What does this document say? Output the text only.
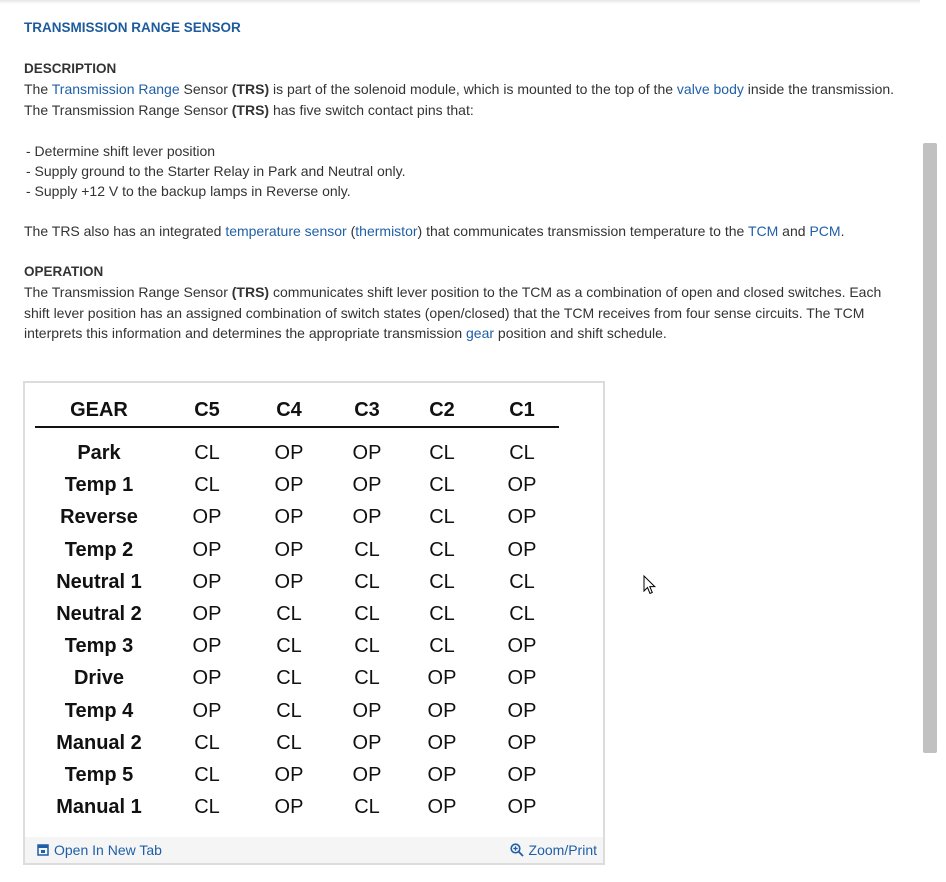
TRANSMISSION RANGE SENSOR
DESCRIPTION
The Transmission Range Sensor (TRS) is part of the solenoid module, which is mounted to the top of the valve body inside the transmission. The Transmission Range Sensor (TRS) has five switch contact pins that:
- Determine shift lever position
- Supply ground to the Starter Relay in Park and Neutral only.
- Supply +12 V to the backup lamps in Reverse only.
The TRS also has an integrated temperature sensor (thermistor) that communicates transmission temperature to the TCM and PCM.
OPERATION
The Transmission Range Sensor (TRS) communicates shift lever position to the TCM as a combination of open and closed switches. Each shift lever position has an assigned combination of switch states (open/closed) that the TCM receives from four sense circuits. The TCM interprets this information and determines the appropriate transmission gear position and shift schedule.
GEAR	C5	C4	C3	C2	C1
Park	CL	OP	OP	CL	CL
Temp 1	CL	OP	OP	CL	OP
Reverse	OP	OP	OP	CL	OP
Temp 2	OP	OP	CL	CL	OP
Neutral 1	OP	OP	CL	CL	CL
Neutral 2	OP	CL	CL	CL	CL
Temp 3	OP	CL	CL	CL	OP
Drive	OP	CL	CL	OP	OP
Temp 4	OP	CL	OP	OP	OP
Manual 2	CL	CL	OP	OP	OP
Temp 5	CL	OP	OP	OP	OP
Manual 1	CL	OP	CL	OP	OP
Open In New Tab	Zoom/Print
